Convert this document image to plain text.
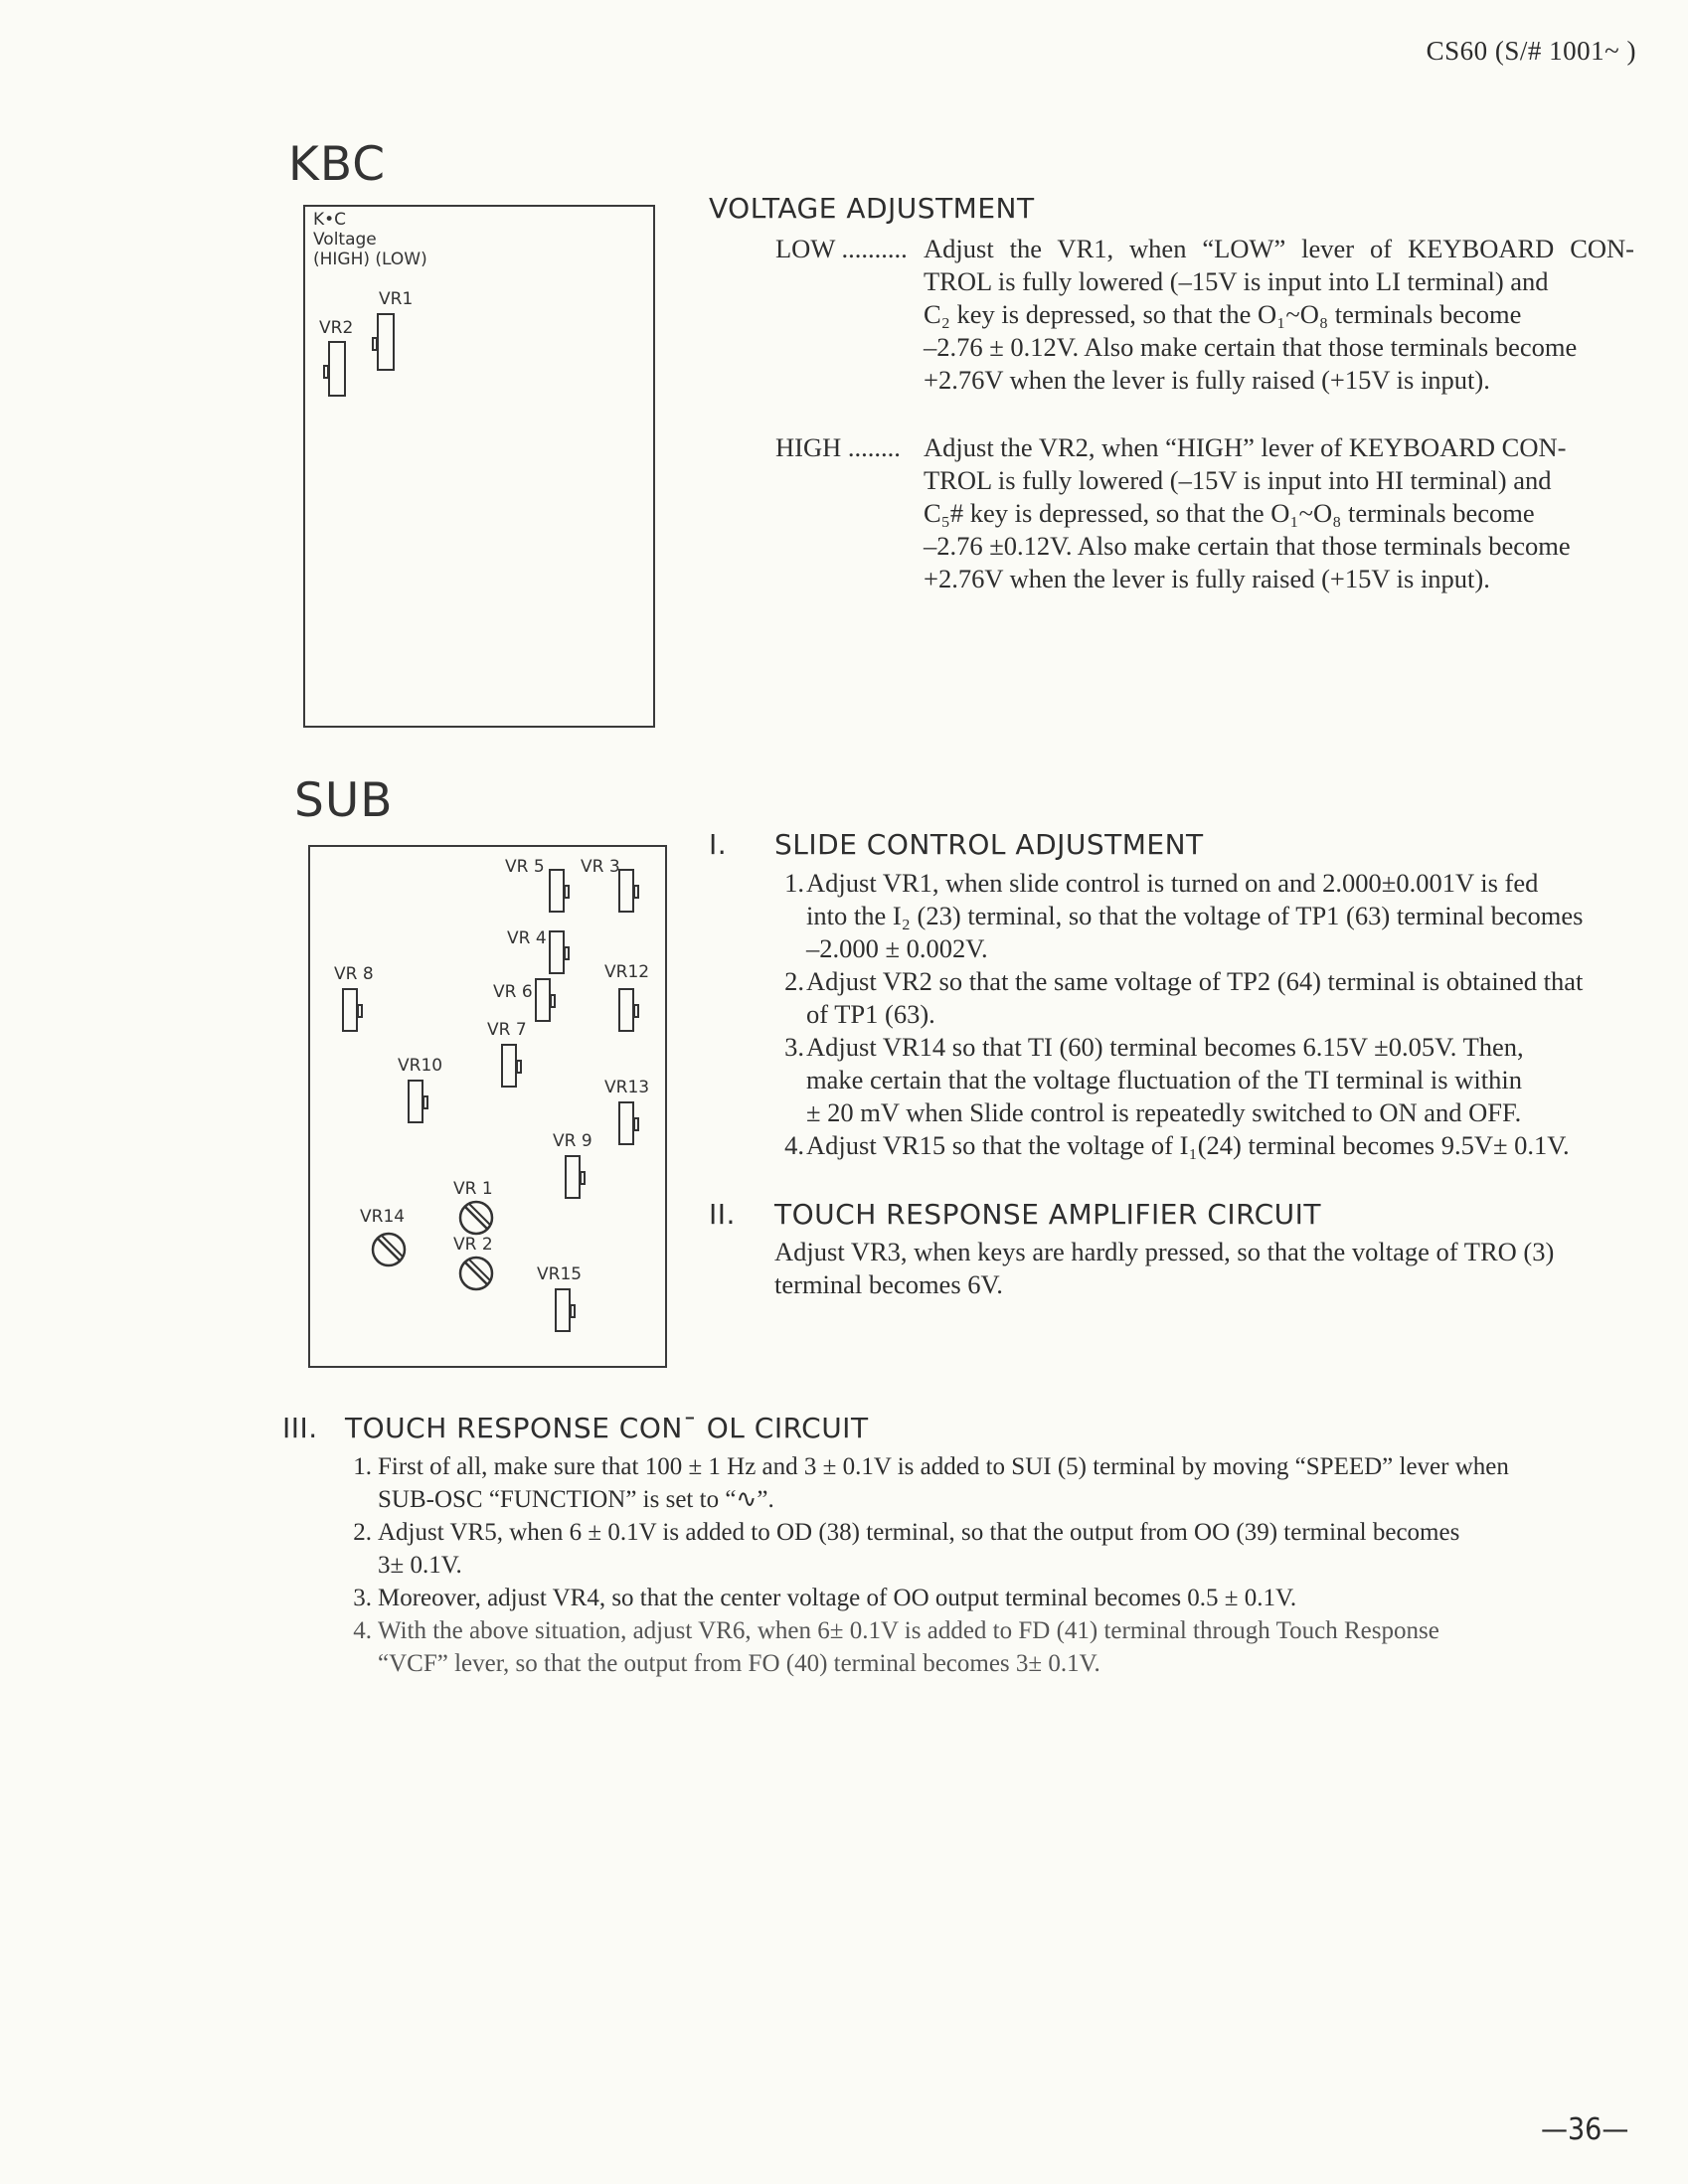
CS60 (S/# 1001~ )
KBC
K•C
Voltage
(HIGH) (LOW)
VR1
VR2
VOLTAGE ADJUSTMENT
LOW .......... Adjust the VR1, when “LOW” lever of KEYBOARD CON-
TROL is fully lowered (–15V is input into LI terminal) and
C₂ key is depressed, so that the O₁~O₈ terminals become
–2.76 ± 0.12V. Also make certain that those terminals become
+2.76V when the lever is fully raised (+15V is input).
HIGH ........ Adjust the VR2, when “HIGH” lever of KEYBOARD CON-
TROL is fully lowered (–15V is input into HI terminal) and
C₅# key is depressed, so that the O₁~O₈ terminals become
–2.76 ±0.12V. Also make certain that those terminals become
+2.76V when the lever is fully raised (+15V is input).
SUB
VR 5 VR 3
VR 4
VR 8	VR12
VR 6
VR 7
VR10
VR13
VR 9
VR 1
VR14
VR 2
VR15
I. SLIDE CONTROL ADJUSTMENT
1. Adjust VR1, when slide control is turned on and 2.000±0.001V is fed
into the I₂ (23) terminal, so that the voltage of TP1 (63) terminal becomes
–2.000 ± 0.002V.
2. Adjust VR2 so that the same voltage of TP2 (64) terminal is obtained that
of TP1 (63).
3. Adjust VR14 so that TI (60) terminal becomes 6.15V ±0.05V. Then,
make certain that the voltage fluctuation of the TI terminal is within
± 20 mV when Slide control is repeatedly switched to ON and OFF.
4. Adjust VR15 so that the voltage of I₁(24) terminal becomes 9.5V± 0.1V.
II. TOUCH RESPONSE AMPLIFIER CIRCUIT
Adjust VR3, when keys are hardly pressed, so that the voltage of TRO (3)
terminal becomes 6V.
III. TOUCH RESPONSE CONˉ OL CIRCUIT
1. First of all, make sure that 100 ± 1 Hz and 3 ± 0.1V is added to SUI (5) terminal by moving “SPEED” lever when
SUB-OSC “FUNCTION” is set to “∿”.
2. Adjust VR5, when 6 ± 0.1V is added to OD (38) terminal, so that the output from OO (39) terminal becomes
3± 0.1V.
3. Moreover, adjust VR4, so that the center voltage of OO output terminal becomes 0.5 ± 0.1V.
4. With the above situation, adjust VR6, when 6± 0.1V is added to FD (41) terminal through Touch Response
“VCF” lever, so that the output from FO (40) terminal becomes 3± 0.1V.
—36—
